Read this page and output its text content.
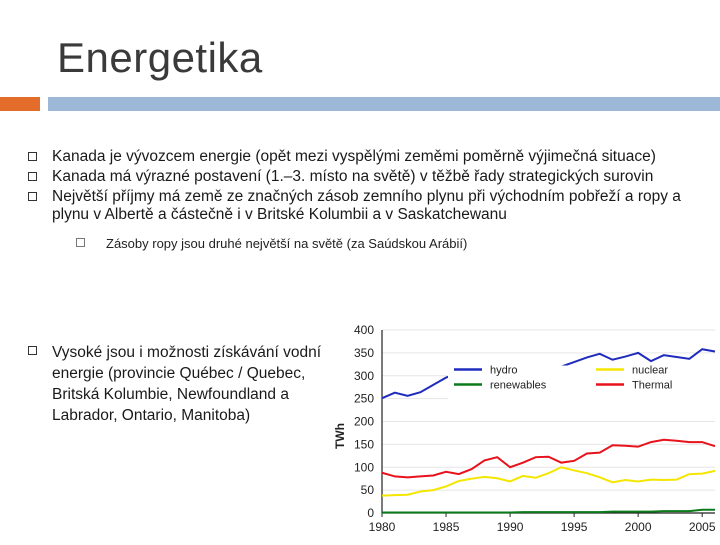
Energetika
Kanada je vývozcem energie (opět mezi vyspělými zeměmi poměrně výjimečná situace)
Kanada má výrazné postavení (1.–3. místo na světě) v těžbě řady strategických surovin
Největší příjmy má země ze značných zásob zemního plynu při východním pobřeží a ropy a plynu v Albertě a částečně i v Britské Kolumbii a v Saskatchewanu
Zásoby ropy jsou druhé největší na světě (za Saúdskou Arábií)
Vysoké jsou i možnosti získávání vodní energie (provincie Québec / Quebec, Britská Kolumbie, Newfoundland a Labrador, Ontario, Manitoba)
0
50
100
150
200
250
300
350
400
1980	1985	1990	1995	2000	2005
hydro	nuclear
renewables	Thermal
TWh
